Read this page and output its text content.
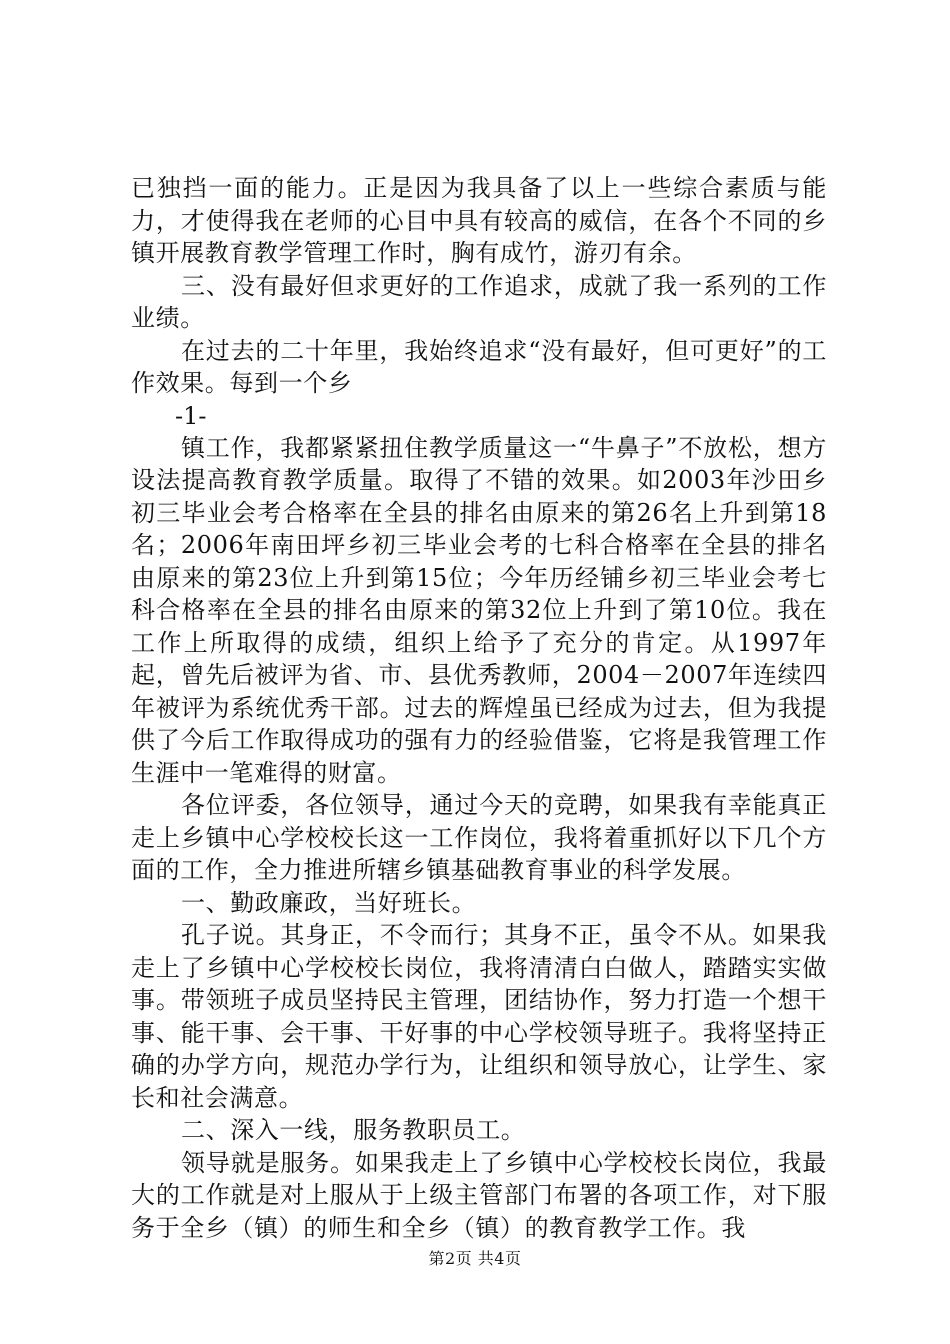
已独挡一面的能力。正是因为我具备了以上一些综合素质与能力，才使得我在老师的心目中具有较高的威信，在各个不同的乡镇开展教育教学管理工作时，胸有成竹，游刃有余。

三、没有最好但求更好的工作追求，成就了我一系列的工作业绩。

在过去的二十年里，我始终追求“没有最好，但可更好”的工作效果。每到一个乡

-1-

镇工作，我都紧紧扭住教学质量这一“牛鼻子”不放松，想方设法提高教育教学质量。取得了不错的效果。如2003年沙田乡初三毕业会考合格率在全县的排名由原来的第26名上升到第18名；2006年南田坪乡初三毕业会考的七科合格率在全县的排名由原来的第23位上升到第15位；今年历经铺乡初三毕业会考七科合格率在全县的排名由原来的第32位上升到了第10位。我在工作上所取得的成绩，组织上给予了充分的肯定。从1997年起，曾先后被评为省、市、县优秀教师，2004－2007年连续四年被评为系统优秀干部。过去的辉煌虽已经成为过去，但为我提供了今后工作取得成功的强有力的经验借鉴，它将是我管理工作生涯中一笔难得的财富。

各位评委，各位领导，通过今天的竞聘，如果我有幸能真正走上乡镇中心学校校长这一工作岗位，我将着重抓好以下几个方面的工作，全力推进所辖乡镇基础教育事业的科学发展。

一、勤政廉政，当好班长。

孔子说。其身正，不令而行；其身不正，虽令不从。如果我走上了乡镇中心学校校长岗位，我将清清白白做人，踏踏实实做事。带领班子成员坚持民主管理，团结协作，努力打造一个想干事、能干事、会干事、干好事的中心学校领导班子。我将坚持正确的办学方向，规范办学行为，让组织和领导放心，让学生、家长和社会满意。

二、深入一线，服务教职员工。

领导就是服务。如果我走上了乡镇中心学校校长岗位，我最大的工作就是对上服从于上级主管部门布署的各项工作，对下服务于全乡（镇）的师生和全乡（镇）的教育教学工作。我

第2页 共4页
